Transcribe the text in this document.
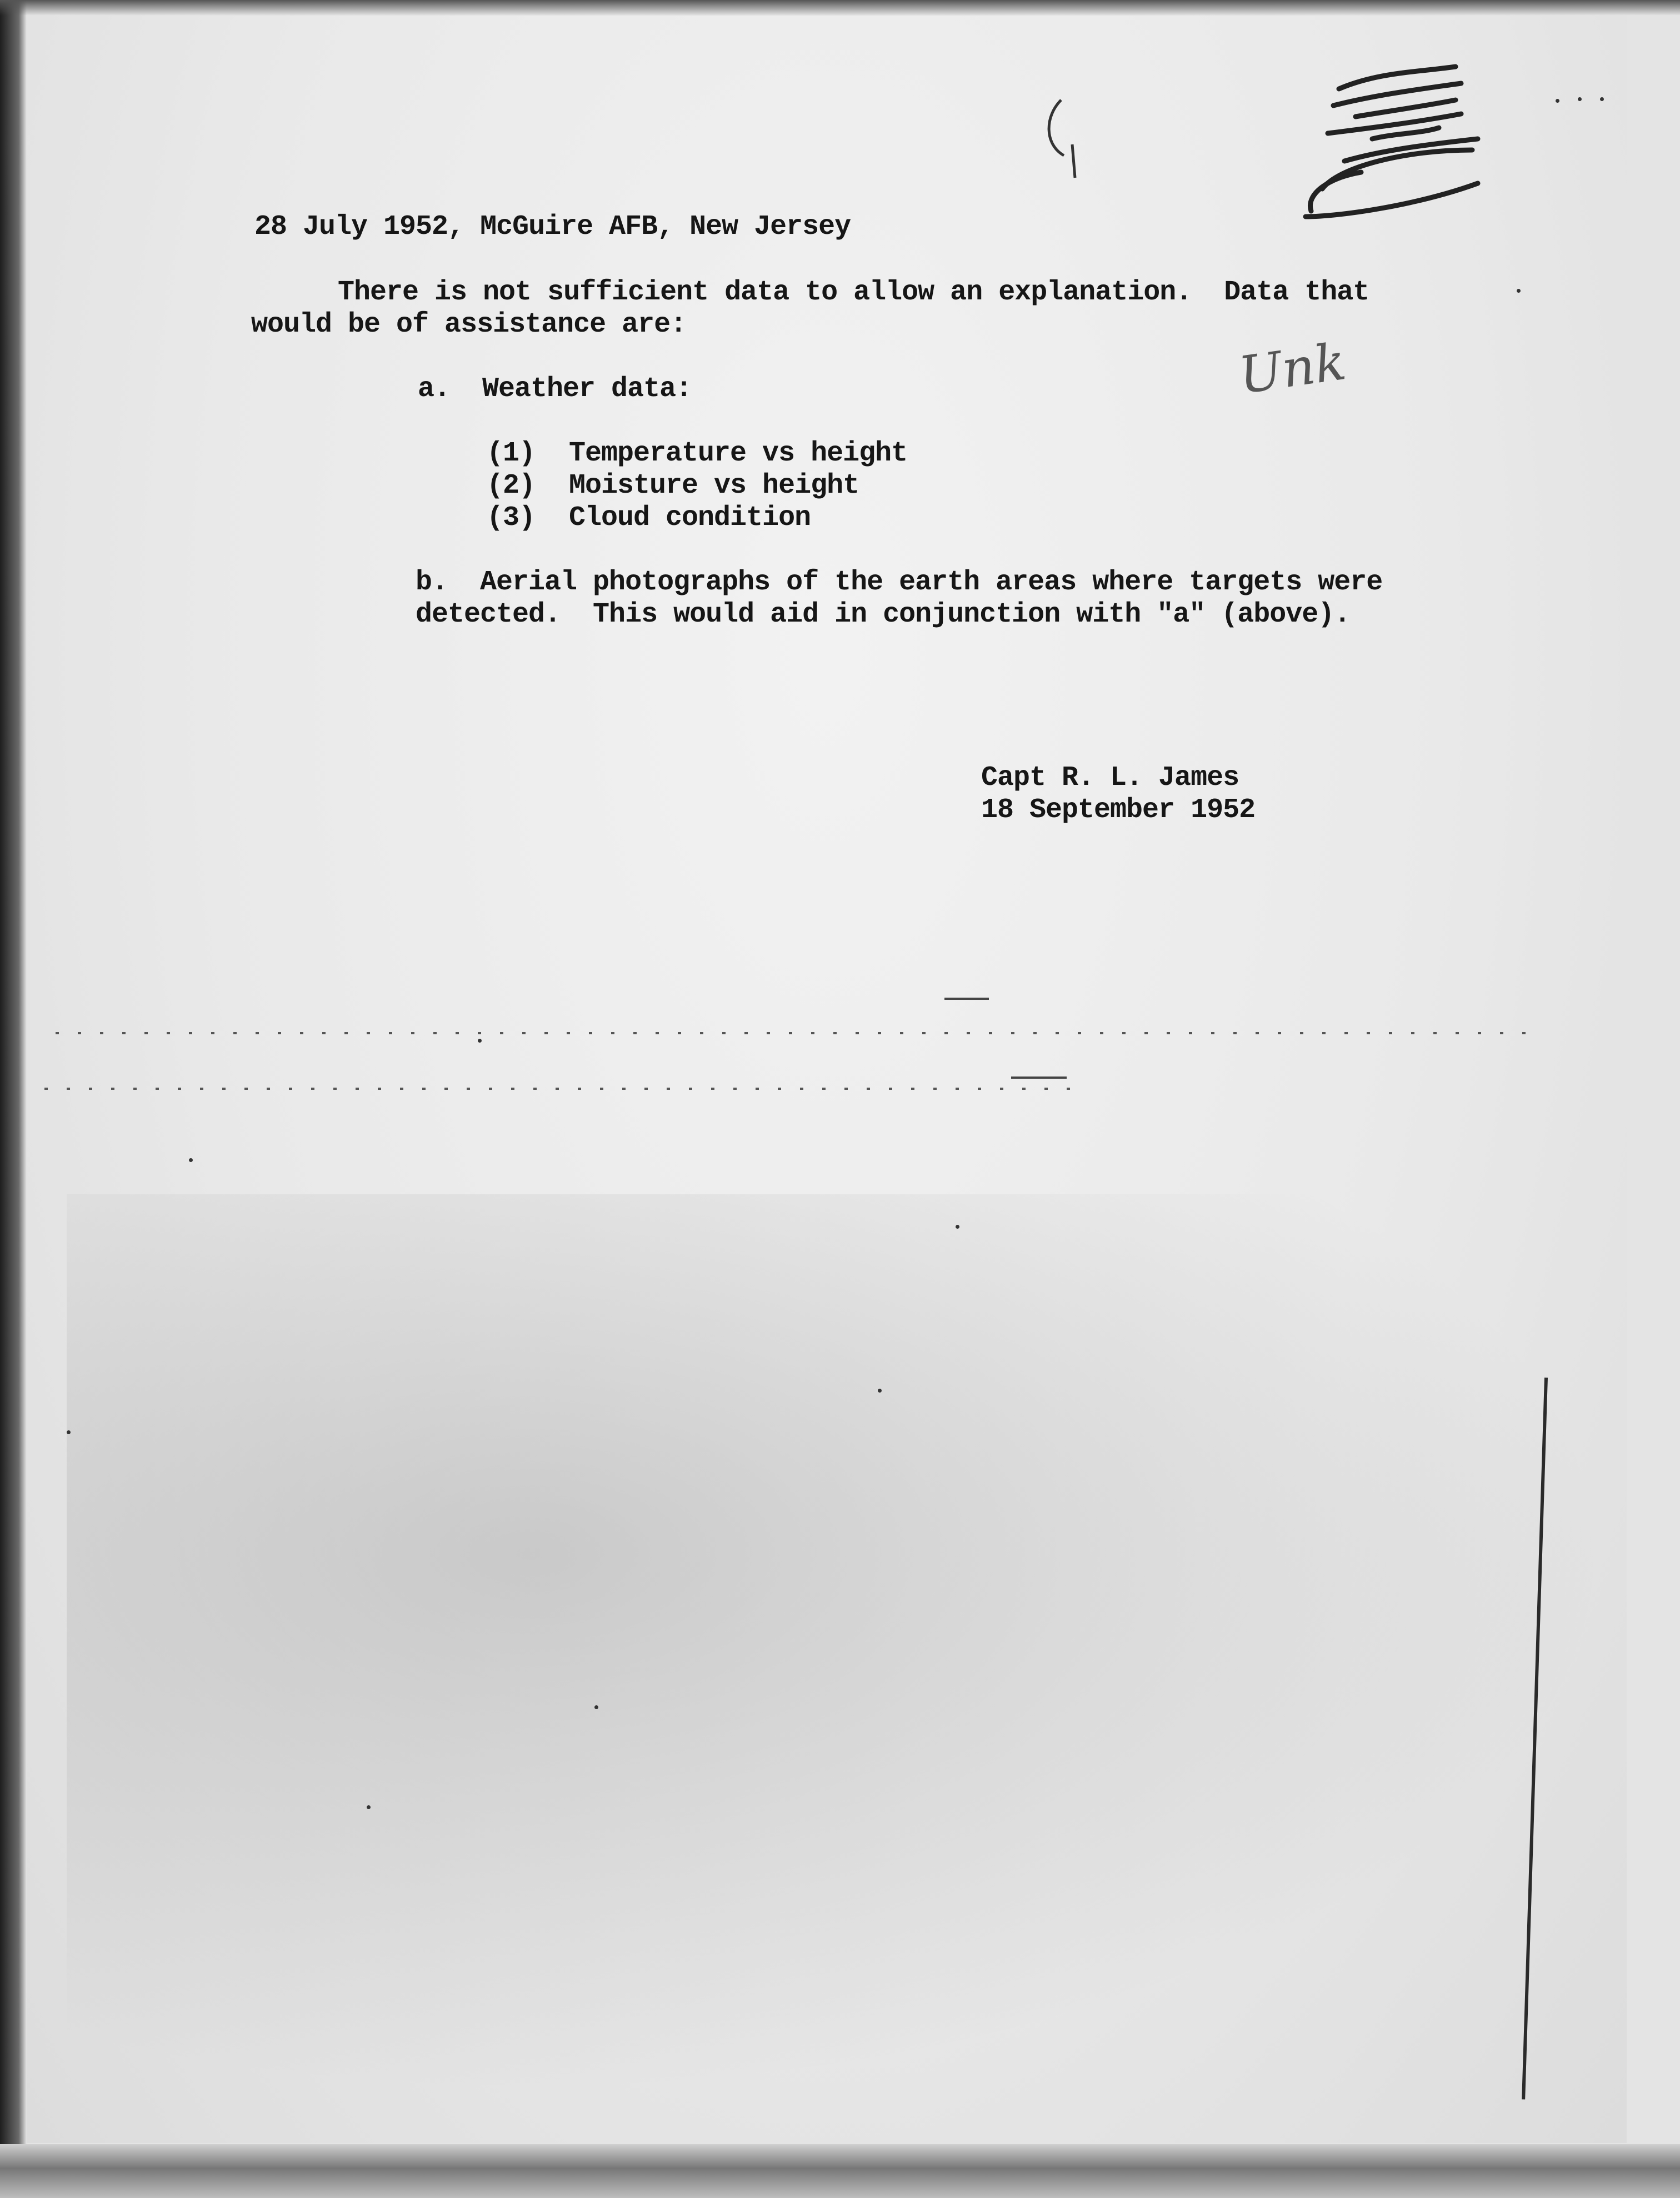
28 July 1952, McGuire AFB, New Jersey
There is not sufficient data to allow an explanation.  Data that
would be of assistance are:
a.  Weather data:
(1) Temperature vs height
(2) Moisture vs height
(3) Cloud condition
b.  Aerial photographs of the earth areas where targets were
detected.  This would aid in conjunction with "a" (above).
Capt R. L. James
18 September 1952
Unk
